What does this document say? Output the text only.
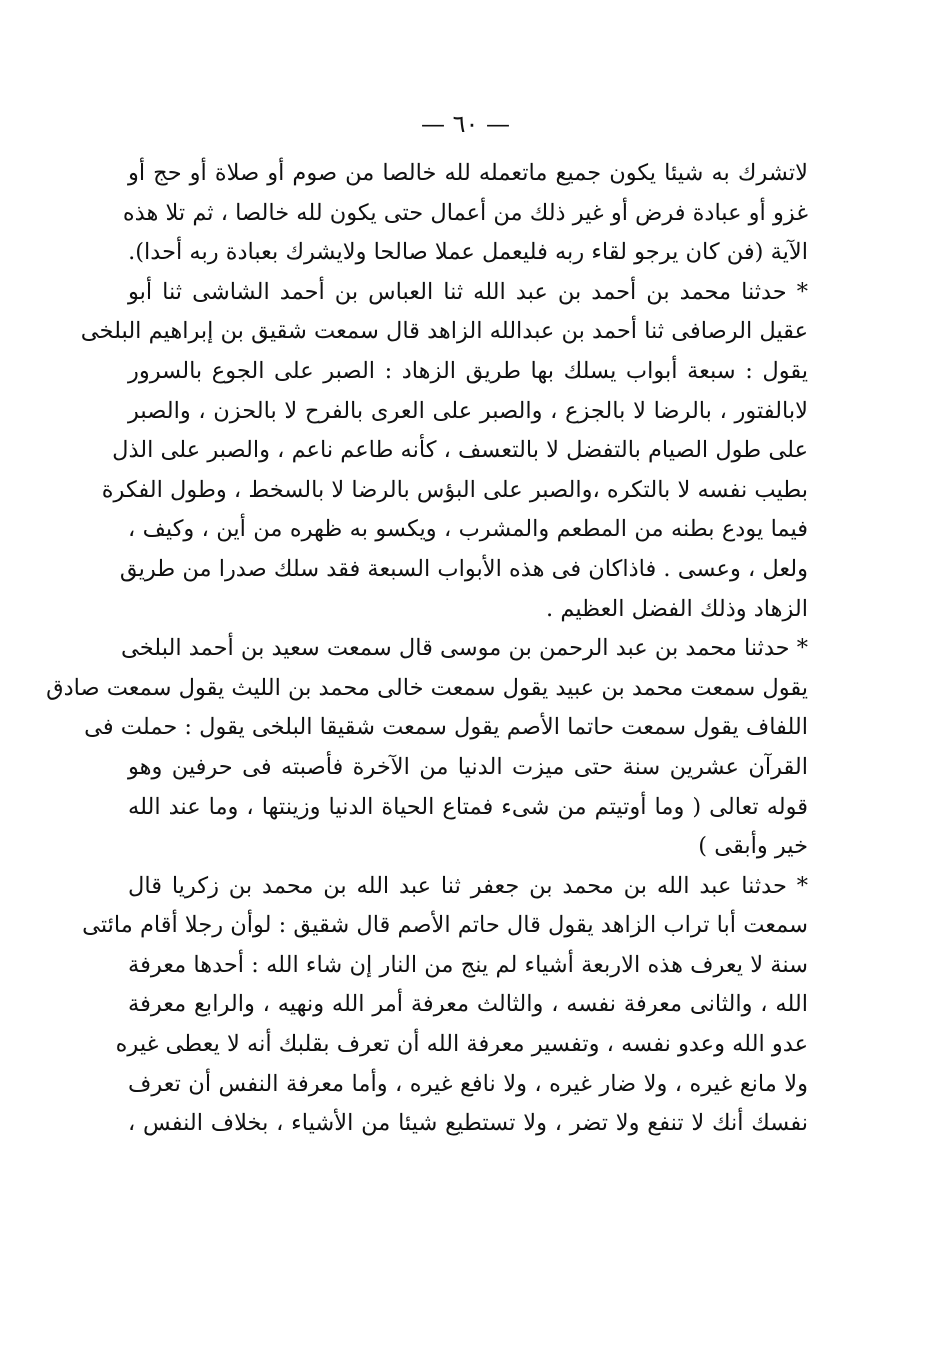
— ٦٠ —
لاتشرك به شيئا يكون جميع ماتعمله لله خالصا من صوم أو صلاة أو حج أو
غزو أو عبادة فرض أو غير ذلك من أعمال حتى يكون لله خالصا ، ثم تلا هذه
الآية (فن كان يرجو لقاء ربه فليعمل عملا صالحا ولايشرك بعبادة ربه أحدا).
* حدثنا محمد بن أحمد بن عبد الله ثنا العباس بن أحمد الشاشى ثنا أبو
عقيل الرصافى ثنا أحمد بن عبدالله الزاهد قال سمعت شقيق بن إبراهيم البلخى
يقول : سبعة أبواب يسلك بها طريق الزهاد : الصبر على الجوع بالسرور
لابالفتور ، بالرضا لا بالجزع ، والصبر على العرى بالفرح لا بالحزن ، والصبر
على طول الصيام بالتفضل لا بالتعسف ، كأنه طاعم ناعم ، والصبر على الذل
بطيب نفسه لا بالتكره ،والصبر على البؤس بالرضا لا بالسخط ، وطول الفكرة
فيما يودع بطنه من المطعم والمشرب ، ويكسو به ظهره من أين ، وكيف ،
ولعل ، وعسى . فاذاكان فى هذه الأبواب السبعة فقد سلك صدرا من طريق
الزهاد وذلك الفضل العظيم .
* حدثنا محمد بن عبد الرحمن بن موسى قال سمعت سعيد بن أحمد البلخى
يقول سمعت محمد بن عبيد يقول سمعت خالى محمد بن الليث يقول سمعت صادق
اللفاف يقول سمعت حاتما الأصم يقول سمعت شقيقا البلخى يقول : حملت فى
القرآن عشرين سنة حتى ميزت الدنيا من الآخرة فأصبته فى حرفين وهو
قوله تعالى ( وما أوتيتم من شىء فمتاع الحياة الدنيا وزينتها ، وما عند الله
خير وأبقى )
* حدثنا عبد الله بن محمد بن جعفر ثنا عبد الله بن محمد بن زكريا قال
سمعت أبا تراب الزاهد يقول قال حاتم الأصم قال شقيق : لوأن رجلا أقام مائتى
سنة لا يعرف هذه الاربعة أشياء لم ينج من النار إن شاء الله : أحدها معرفة
الله ، والثانى معرفة نفسه ، والثالث معرفة أمر الله ونهيه ، والرابع معرفة
عدو الله وعدو نفسه ، وتفسير معرفة الله أن تعرف بقلبك أنه لا يعطى غيره
ولا مانع غيره ، ولا ضار غيره ، ولا نافع غيره ، وأما معرفة النفس أن تعرف
نفسك أنك لا تنفع ولا تضر ، ولا تستطيع شيئا من الأشياء ، بخلاف النفس ،
